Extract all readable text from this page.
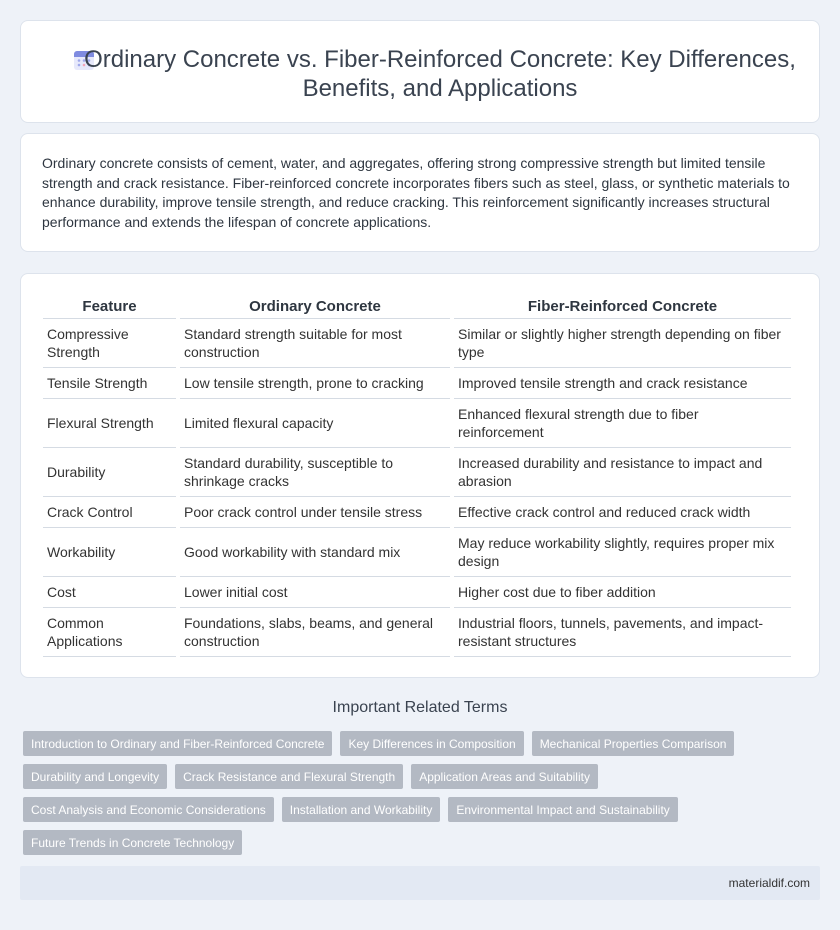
Ordinary Concrete vs. Fiber-Reinforced Concrete: Key Differences, Benefits, and Applications

Ordinary concrete consists of cement, water, and aggregates, offering strong compressive strength but limited tensile strength and crack resistance. Fiber-reinforced concrete incorporates fibers such as steel, glass, or synthetic materials to enhance durability, improve tensile strength, and reduce cracking. This reinforcement significantly increases structural performance and extends the lifespan of concrete applications.

Feature	Ordinary Concrete	Fiber-Reinforced Concrete
Compressive Strength	Standard strength suitable for most construction	Similar or slightly higher strength depending on fiber type
Tensile Strength	Low tensile strength, prone to cracking	Improved tensile strength and crack resistance
Flexural Strength	Limited flexural capacity	Enhanced flexural strength due to fiber reinforcement
Durability	Standard durability, susceptible to shrinkage cracks	Increased durability and resistance to impact and abrasion
Crack Control	Poor crack control under tensile stress	Effective crack control and reduced crack width
Workability	Good workability with standard mix	May reduce workability slightly, requires proper mix design
Cost	Lower initial cost	Higher cost due to fiber addition
Common Applications	Foundations, slabs, beams, and general construction	Industrial floors, tunnels, pavements, and impact-resistant structures
Important Related Terms
Introduction to Ordinary and Fiber-Reinforced Concrete	Key Differences in Composition	Mechanical Properties Comparison
Durability and Longevity	Crack Resistance and Flexural Strength	Application Areas and Suitability
Cost Analysis and Economic Considerations	Installation and Workability	Environmental Impact and Sustainability
Future Trends in Concrete Technology
materialdif.com
